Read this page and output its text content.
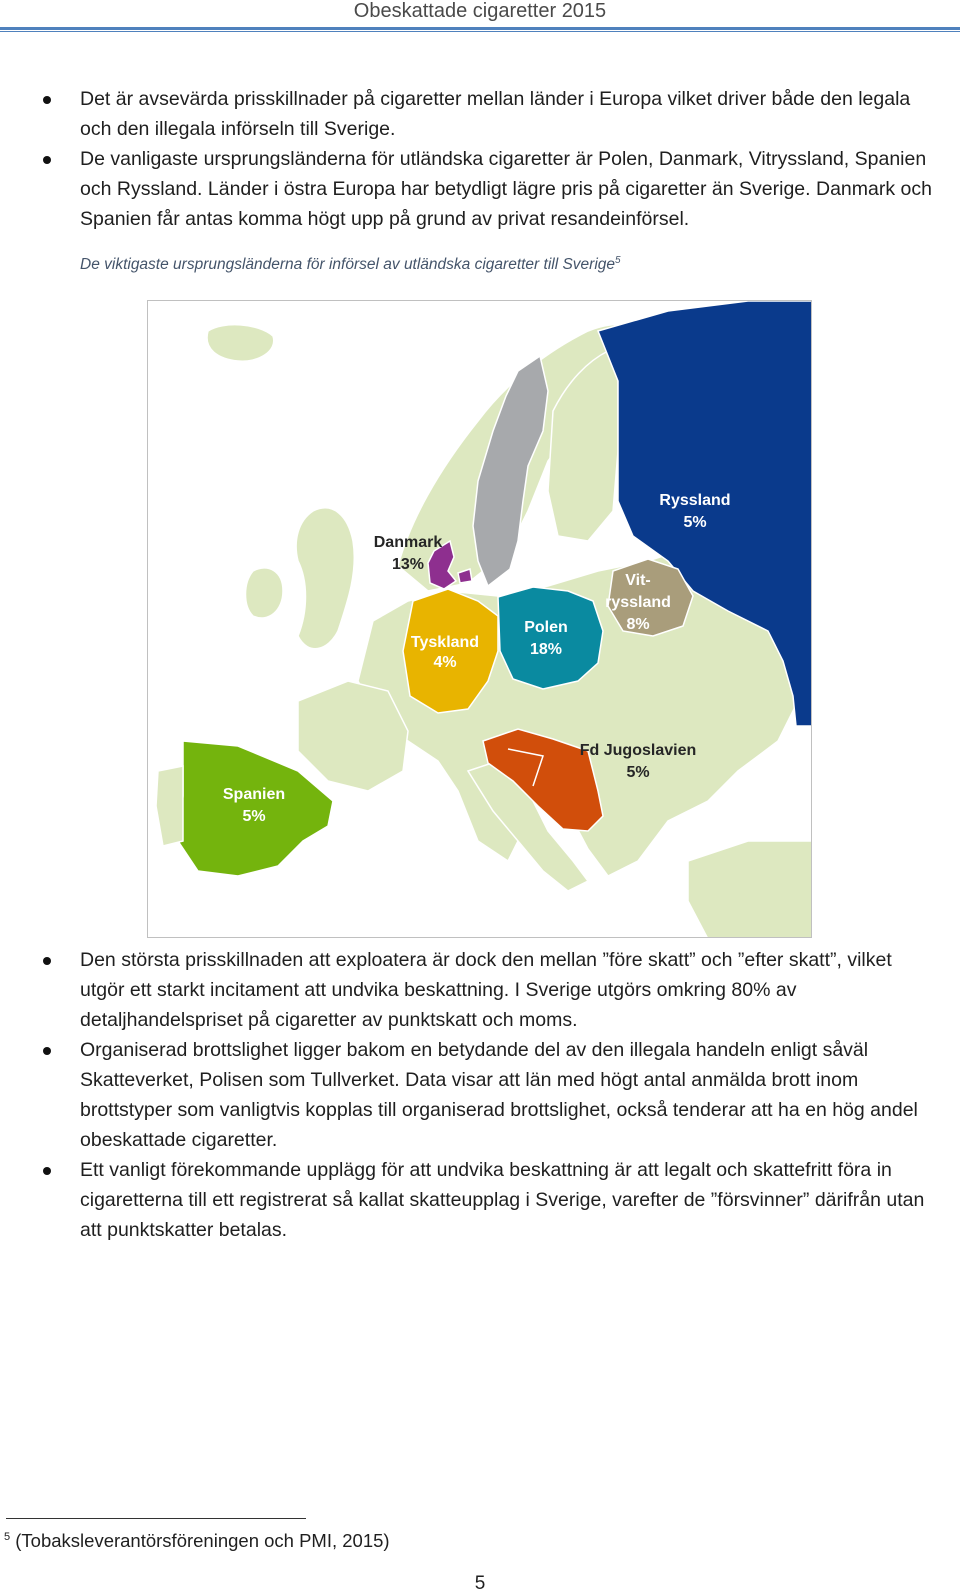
Obeskattade cigaretter 2015
Det är avsevärda prisskillnader på cigaretter mellan länder i Europa vilket driver både den legala och den illegala införseln till Sverige.
De vanligaste ursprungsländerna för utländska cigaretter är Polen, Danmark, Vitryssland, Spanien och Ryssland. Länder i östra Europa har betydligt lägre pris på cigaretter än Sverige. Danmark och Spanien får antas komma högt upp på grund av privat resandeinförsel.
De viktigaste ursprungsländerna för införsel av utländska cigaretter till Sverige$^5$
Danmark
13%
Tyskland
4%
Polen
18%
Vit-
ryssland
8%
Ryssland
5%
Fd Jugoslavien
5%
Spanien
5%
Den största prisskillnaden att exploatera är dock den mellan ”före skatt” och ”efter skatt”, vilket utgör ett starkt incitament att undvika beskattning. I Sverige utgörs omkring 80% av detaljhandelspriset på cigaretter av punktskatt och moms.
Organiserad brottslighet ligger bakom en betydande del av den illegala handeln enligt såväl Skatteverket, Polisen som Tullverket. Data visar att län med högt antal anmälda brott inom brottstyper som vanligtvis kopplas till organiserad brottslighet, också tenderar att ha en hög andel obeskattade cigaretter.
Ett vanligt förekommande upplägg för att undvika beskattning är att legalt och skattefritt föra in cigaretterna till ett registrerat så kallat skatteupplag i Sverige, varefter de ”försvinner” därifrån utan att punktskatter betalas.
$^5$ (Tobaksleverantörsföreningen och PMI, 2015)
5
